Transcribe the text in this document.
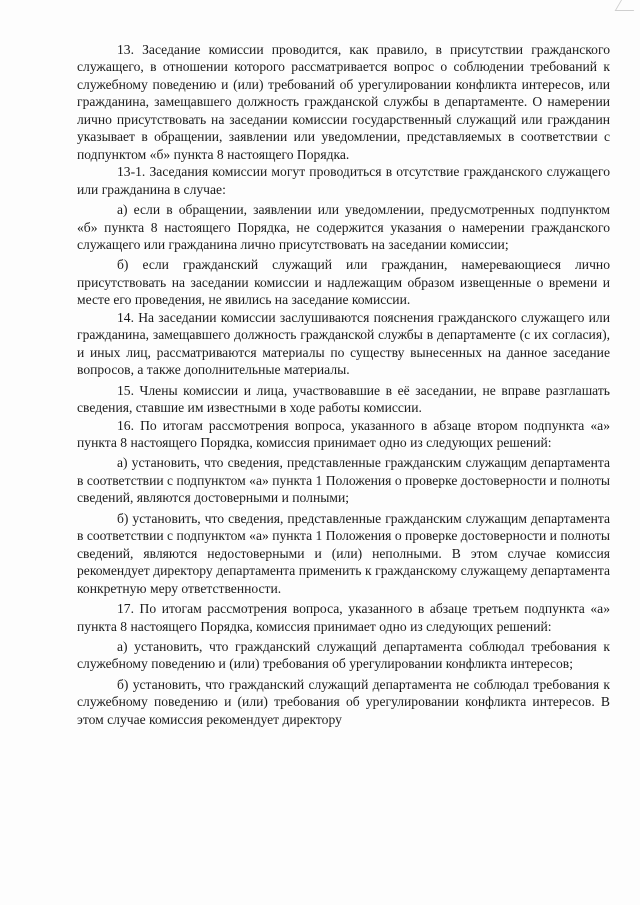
13. Заседание комиссии проводится, как правило, в присутствии гражданского служащего, в отношении которого рассматривается вопрос о соблюдении требований к служебному поведению и (или) требований об урегулировании конфликта интересов, или гражданина, замещавшего должность гражданской службы в департаменте. О намерении лично присутствовать на заседании комиссии государственный служащий или гражданин указывает в обращении, заявлении или уведомлении, представляемых в соответствии с подпунктом «б» пункта 8 настоящего Порядка.

13-1. Заседания комиссии могут проводиться в отсутствие гражданского служащего или гражданина в случае:

а) если в обращении, заявлении или уведомлении, предусмотренных подпунктом «б» пункта 8 настоящего Порядка, не содержится указания о намерении гражданского служащего или гражданина лично присутствовать на заседании комиссии;

б) если гражданский служащий или гражданин, намеревающиеся лично присутствовать на заседании комиссии и надлежащим образом извещенные о времени и месте его проведения, не явились на заседание комиссии.

14. На заседании комиссии заслушиваются пояснения гражданского служащего или гражданина, замещавшего должность гражданской службы в департаменте (с их согласия), и иных лиц, рассматриваются материалы по существу вынесенных на данное заседание вопросов, а также дополнительные материалы.

15. Члены комиссии и лица, участвовавшие в её заседании, не вправе разглашать сведения, ставшие им известными в ходе работы комиссии.

16. По итогам рассмотрения вопроса, указанного в абзаце втором подпункта «а» пункта 8 настоящего Порядка, комиссия принимает одно из следующих решений:

а) установить, что сведения, представленные гражданским служащим департамента в соответствии с подпунктом «а» пункта 1 Положения о проверке достоверности и полноты сведений, являются достоверными и полными;

б) установить, что сведения, представленные гражданским служащим департамента в соответствии с подпунктом «а» пункта 1 Положения о проверке достоверности и полноты сведений, являются недостоверными и (или) неполными. В этом случае комиссия рекомендует директору департамента применить к гражданскому служащему департамента конкретную меру ответственности.

17. По итогам рассмотрения вопроса, указанного в абзаце третьем подпункта «а» пункта 8 настоящего Порядка, комиссия принимает одно из следующих решений:

а) установить, что гражданский служащий департамента соблюдал требования к служебному поведению и (или) требования об урегулировании конфликта интересов;

б) установить, что гражданский служащий департамента не соблюдал требования к служебному поведению и (или) требования об урегулировании конфликта интересов. В этом случае комиссия рекомендует директору
